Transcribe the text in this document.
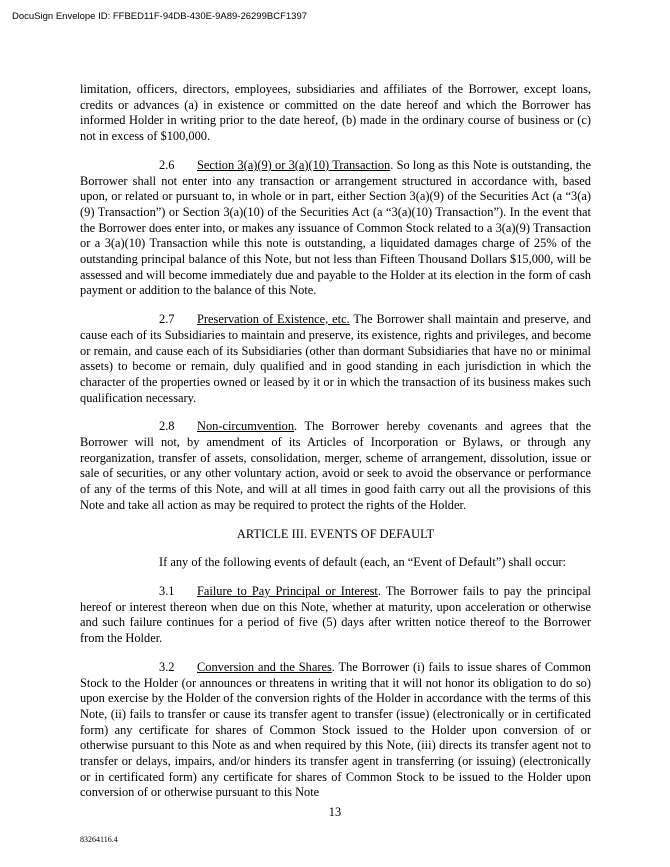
DocuSign Envelope ID: FFBED11F-94DB-430E-9A89-26299BCF1397

limitation, officers, directors, employees, subsidiaries and affiliates of the Borrower, except loans, credits or advances (a) in existence or committed on the date hereof and which the Borrower has informed Holder in writing prior to the date hereof, (b) made in the ordinary course of business or (c) not in excess of $100,000.

2.6 Section 3(a)(9) or 3(a)(10) Transaction. So long as this Note is outstanding, the Borrower shall not enter into any transaction or arrangement structured in accordance with, based upon, or related or pursuant to, in whole or in part, either Section 3(a)(9) of the Securities Act (a “3(a)(9) Transaction”) or Section 3(a)(10) of the Securities Act (a “3(a)(10) Transaction”). In the event that the Borrower does enter into, or makes any issuance of Common Stock related to a 3(a)(9) Transaction or a 3(a)(10) Transaction while this note is outstanding, a liquidated damages charge of 25% of the outstanding principal balance of this Note, but not less than Fifteen Thousand Dollars $15,000, will be assessed and will become immediately due and payable to the Holder at its election in the form of cash payment or addition to the balance of this Note.

2.7 Preservation of Existence, etc. The Borrower shall maintain and preserve, and cause each of its Subsidiaries to maintain and preserve, its existence, rights and privileges, and become or remain, and cause each of its Subsidiaries (other than dormant Subsidiaries that have no or minimal assets) to become or remain, duly qualified and in good standing in each jurisdiction in which the character of the properties owned or leased by it or in which the transaction of its business makes such qualification necessary.

2.8 Non-circumvention. The Borrower hereby covenants and agrees that the Borrower will not, by amendment of its Articles of Incorporation or Bylaws, or through any reorganization, transfer of assets, consolidation, merger, scheme of arrangement, dissolution, issue or sale of securities, or any other voluntary action, avoid or seek to avoid the observance or performance of any of the terms of this Note, and will at all times in good faith carry out all the provisions of this Note and take all action as may be required to protect the rights of the Holder.

ARTICLE III. EVENTS OF DEFAULT

If any of the following events of default (each, an “Event of Default”) shall occur:

3.1 Failure to Pay Principal or Interest. The Borrower fails to pay the principal hereof or interest thereon when due on this Note, whether at maturity, upon acceleration or otherwise and such failure continues for a period of five (5) days after written notice thereof to the Borrower from the Holder.

3.2 Conversion and the Shares. The Borrower (i) fails to issue shares of Common Stock to the Holder (or announces or threatens in writing that it will not honor its obligation to do so) upon exercise by the Holder of the conversion rights of the Holder in accordance with the terms of this Note, (ii) fails to transfer or cause its transfer agent to transfer (issue) (electronically or in certificated form) any certificate for shares of Common Stock issued to the Holder upon conversion of or otherwise pursuant to this Note as and when required by this Note, (iii) directs its transfer agent not to transfer or delays, impairs, and/or hinders its transfer agent in transferring (or issuing) (electronically or in certificated form) any certificate for shares of Common Stock to be issued to the Holder upon conversion of or otherwise pursuant to this Note

13
83264116.4
